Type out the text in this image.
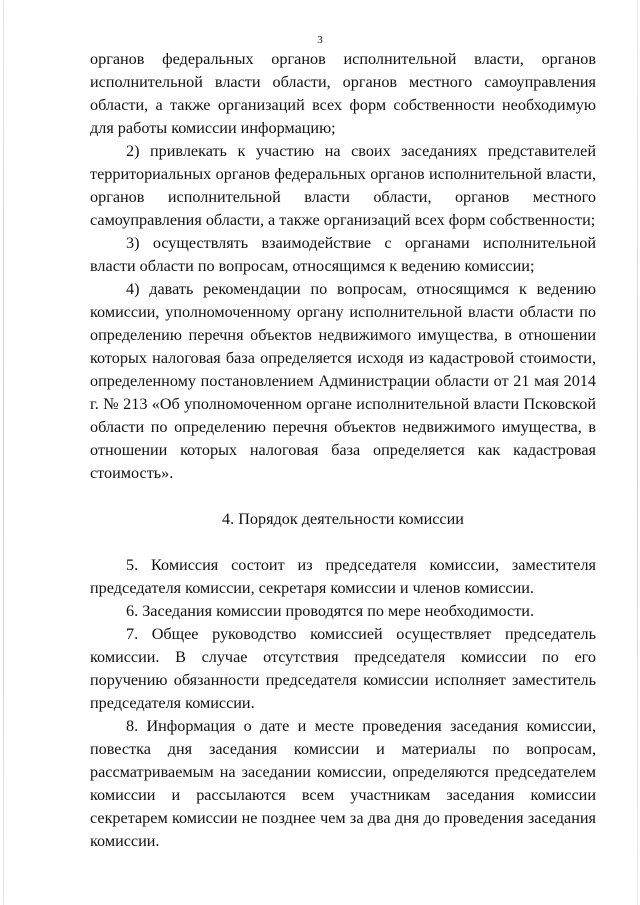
3

органов федеральных органов исполнительной власти, органов исполнительной власти области, органов местного самоуправления области, а также организаций всех форм собственности необходимую для работы комиссии информацию;

2) привлекать к участию на своих заседаниях представителей территориальных органов федеральных органов исполнительной власти, органов исполнительной власти области, органов местного самоуправления области, а также организаций всех форм собственности;

3) осуществлять взаимодействие с органами исполнительной власти области по вопросам, относящимся к ведению комиссии;

4) давать рекомендации по вопросам, относящимся к ведению комиссии, уполномоченному органу исполнительной власти области по определению перечня объектов недвижимого имущества, в отношении которых налоговая база определяется исходя из кадастровой стоимости, определенному постановлением Администрации области от 21 мая 2014 г. № 213 «Об уполномоченном органе исполнительной власти Псковской области по определению перечня объектов недвижимого имущества, в отношении которых налоговая база определяется как кадастровая стоимость».

4. Порядок деятельности комиссии

5. Комиссия состоит из председателя комиссии, заместителя председателя комиссии, секретаря комиссии и членов комиссии.

6. Заседания комиссии проводятся по мере необходимости.

7. Общее руководство комиссией осуществляет председатель комиссии. В случае отсутствия председателя комиссии по его поручению обязанности председателя комиссии исполняет заместитель председателя комиссии.

8. Информация о дате и месте проведения заседания комиссии, повестка дня заседания комиссии и материалы по вопросам, рассматриваемым на заседании комиссии, определяются председателем комиссии и рассылаются всем участникам заседания комиссии секретарем комиссии не позднее чем за два дня до проведения заседания комиссии.
